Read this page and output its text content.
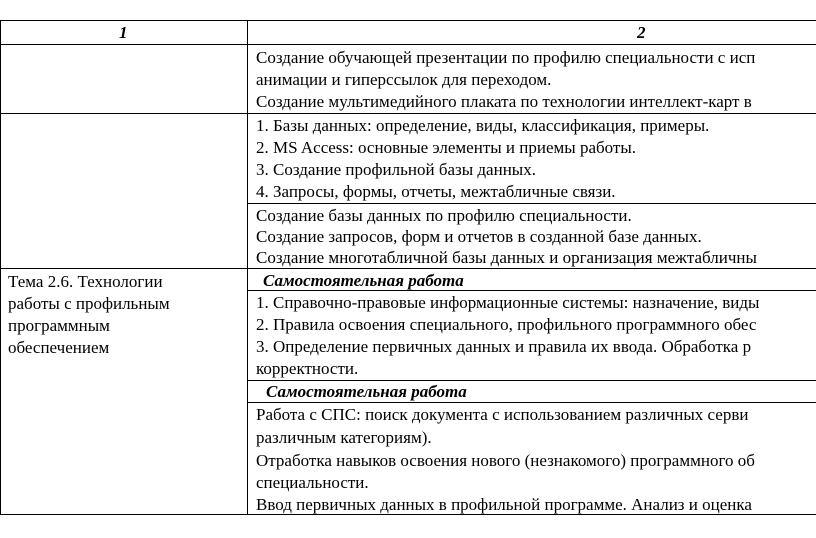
1	2
Создание обучающей презентации по профилю специальности с исп
анимации и гиперссылок для переходом.
Создание мультимедийного плаката по технологии интеллект-карт в
1. Базы данных: определение, виды, классификация, примеры.
2. MS Access: основные элементы и приемы работы.
3. Создание профильной базы данных.
4. Запросы, формы, отчеты, межтабличные связи.
Создание базы данных по профилю специальности.
Создание запросов, форм и отчетов в созданной базе данных.
Создание многотабличной базы данных и организация межтабличны
Тема 2.6. Технологии
работы с профильным
программным
обеспечением
Самостоятельная работа
1. Справочно-правовые информационные системы: назначение, виды
2. Правила освоения специального, профильного программного обес
3. Определение первичных данных и правила их ввода. Обработка р
корректности.
Самостоятельная работа
Работа с СПС: поиск документа с использованием различных серви
различным категориям).
Отработка навыков освоения нового (незнакомого) программного об
специальности.
Ввод первичных данных в профильной программе. Анализ и оценка
